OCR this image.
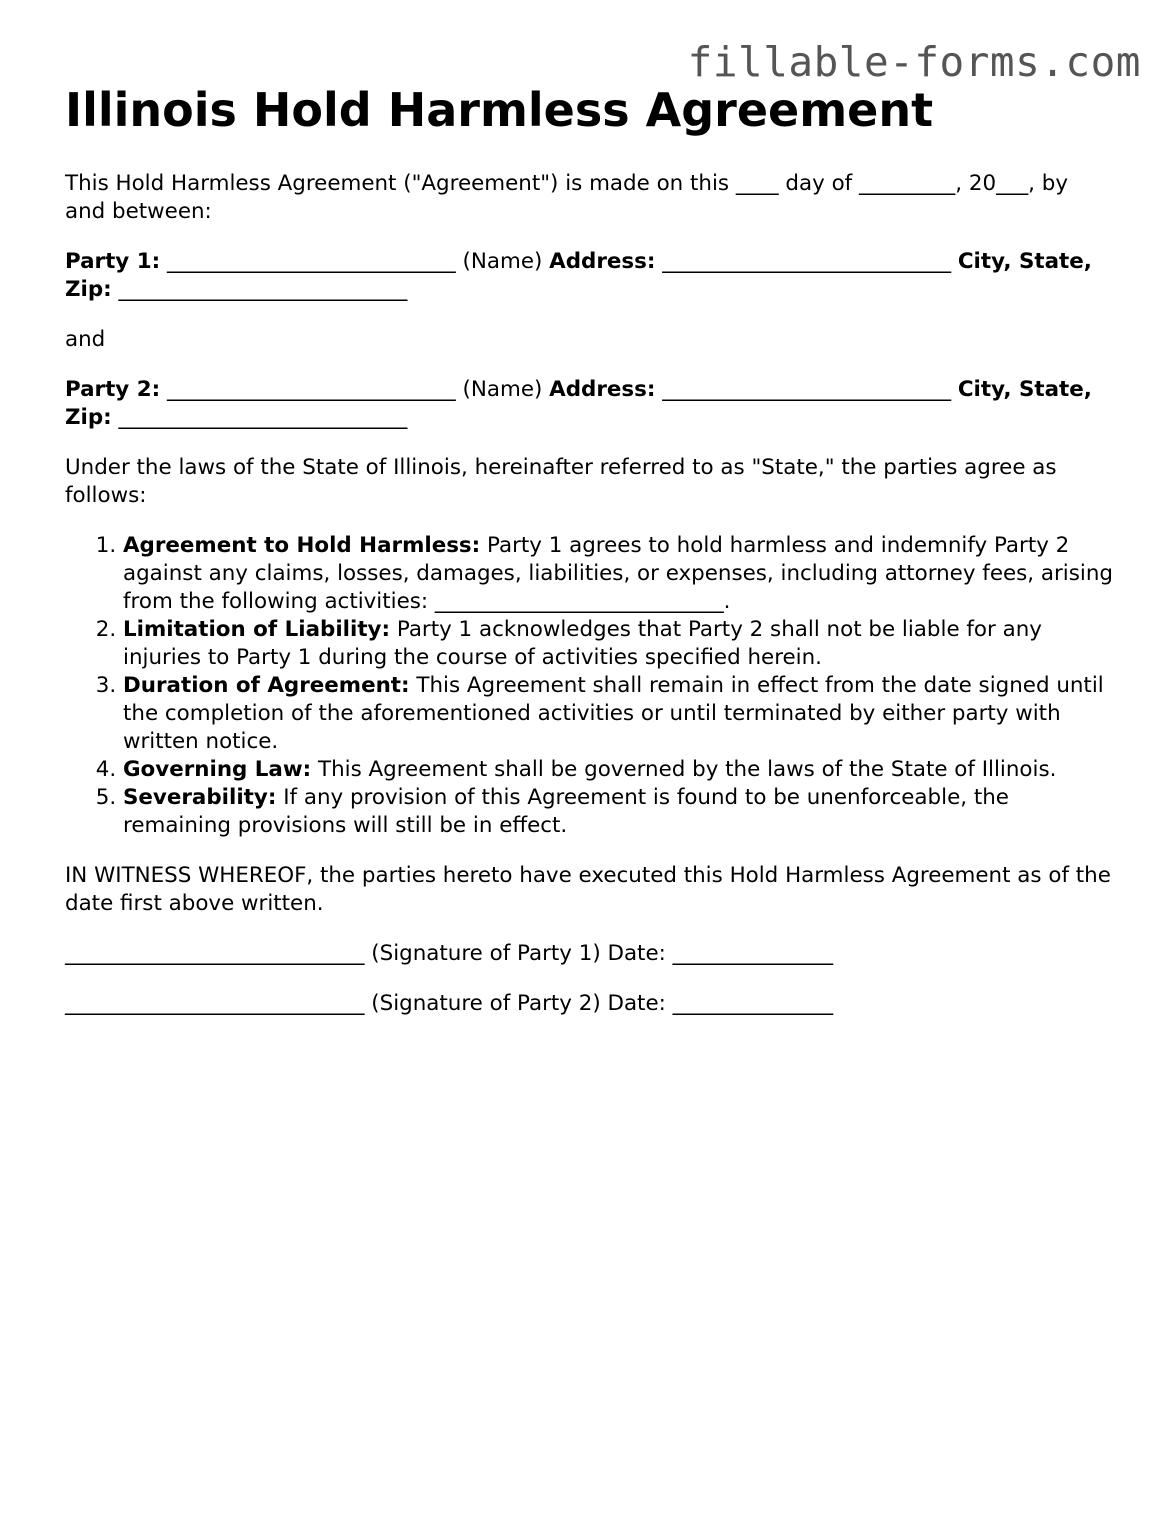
fillable-forms.com
Illinois Hold Harmless Agreement

This Hold Harmless Agreement ("Agreement") is made on this ____ day of _________, 20___, by and between:

Party 1: ___________________________ (Name) Address: ___________________________ City, State, Zip: ___________________________

and

Party 2: ___________________________ (Name) Address: ___________________________ City, State, Zip: ___________________________

Under the laws of the State of Illinois, hereinafter referred to as "State," the parties agree as follows:

1. Agreement to Hold Harmless: Party 1 agrees to hold harmless and indemnify Party 2 against any claims, losses, damages, liabilities, or expenses, including attorney fees, arising from the following activities: ___________________________.
2. Limitation of Liability: Party 1 acknowledges that Party 2 shall not be liable for any injuries to Party 1 during the course of activities specified herein.
3. Duration of Agreement: This Agreement shall remain in effect from the date signed until the completion of the aforementioned activities or until terminated by either party with written notice.
4. Governing Law: This Agreement shall be governed by the laws of the State of Illinois.
5. Severability: If any provision of this Agreement is found to be unenforceable, the remaining provisions will still be in effect.

IN WITNESS WHEREOF, the parties hereto have executed this Hold Harmless Agreement as of the date first above written.

____________________________ (Signature of Party 1) Date: _______________

____________________________ (Signature of Party 2) Date: _______________
